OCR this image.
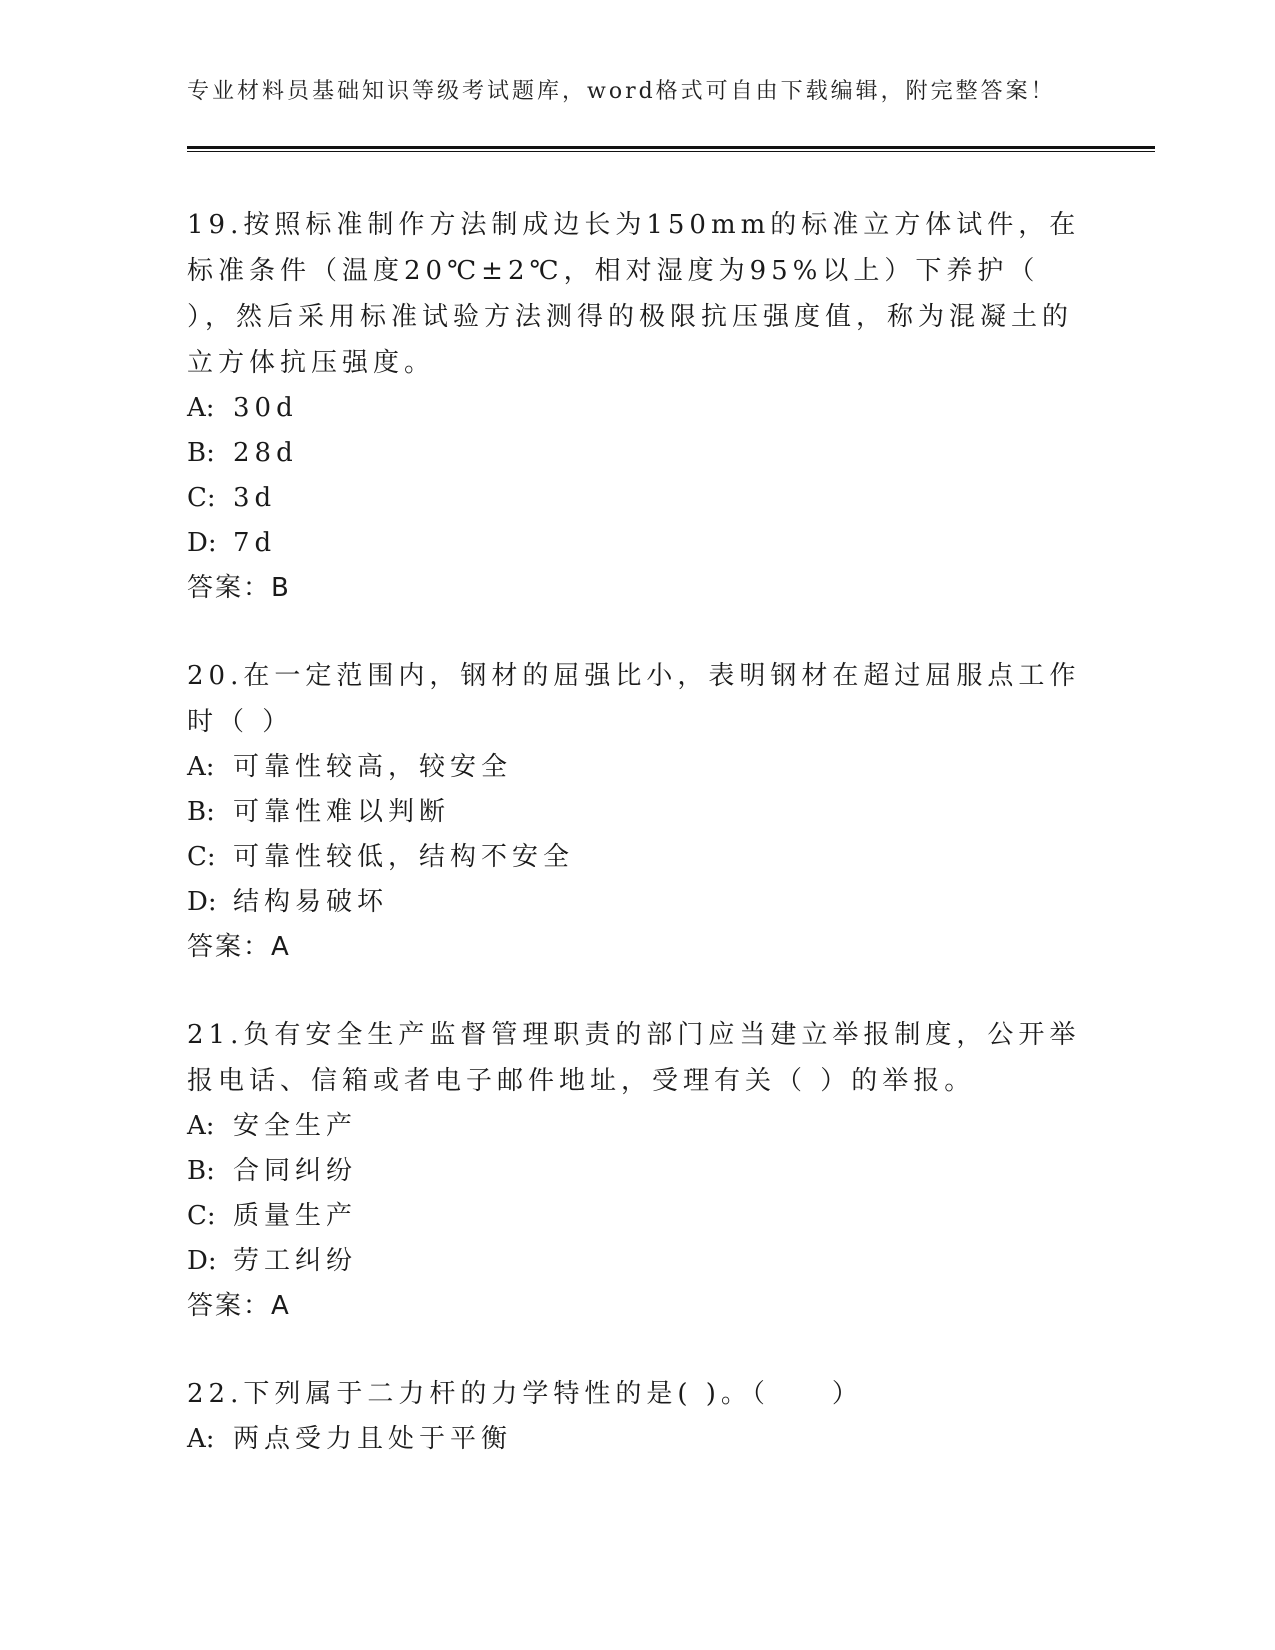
专业材料员基础知识等级考试题库，word格式可自由下载编辑，附完整答案！
19.按照标准制作方法制成边长为150mm的标准立方体试件，在标准条件（温度20℃±2℃，相对湿度为95%以上）下养护（ ），然后采用标准试验方法测得的极限抗压强度值，称为混凝土的立方体抗压强度。
A: 30d
B: 28d
C: 3d
D: 7d
答案：B
20.在一定范围内，钢材的屈强比小，表明钢材在超过屈服点工作时（ ）
A: 可靠性较高，较安全
B: 可靠性难以判断
C: 可靠性较低，结构不安全
D: 结构易破坏
答案：A
21.负有安全生产监督管理职责的部门应当建立举报制度，公开举报电话、信箱或者电子邮件地址，受理有关（ ）的举报。
A: 安全生产
B: 合同纠纷
C: 质量生产
D: 劳工纠纷
答案：A
22.下列属于二力杆的力学特性的是( )。（　　）
A: 两点受力且处于平衡
